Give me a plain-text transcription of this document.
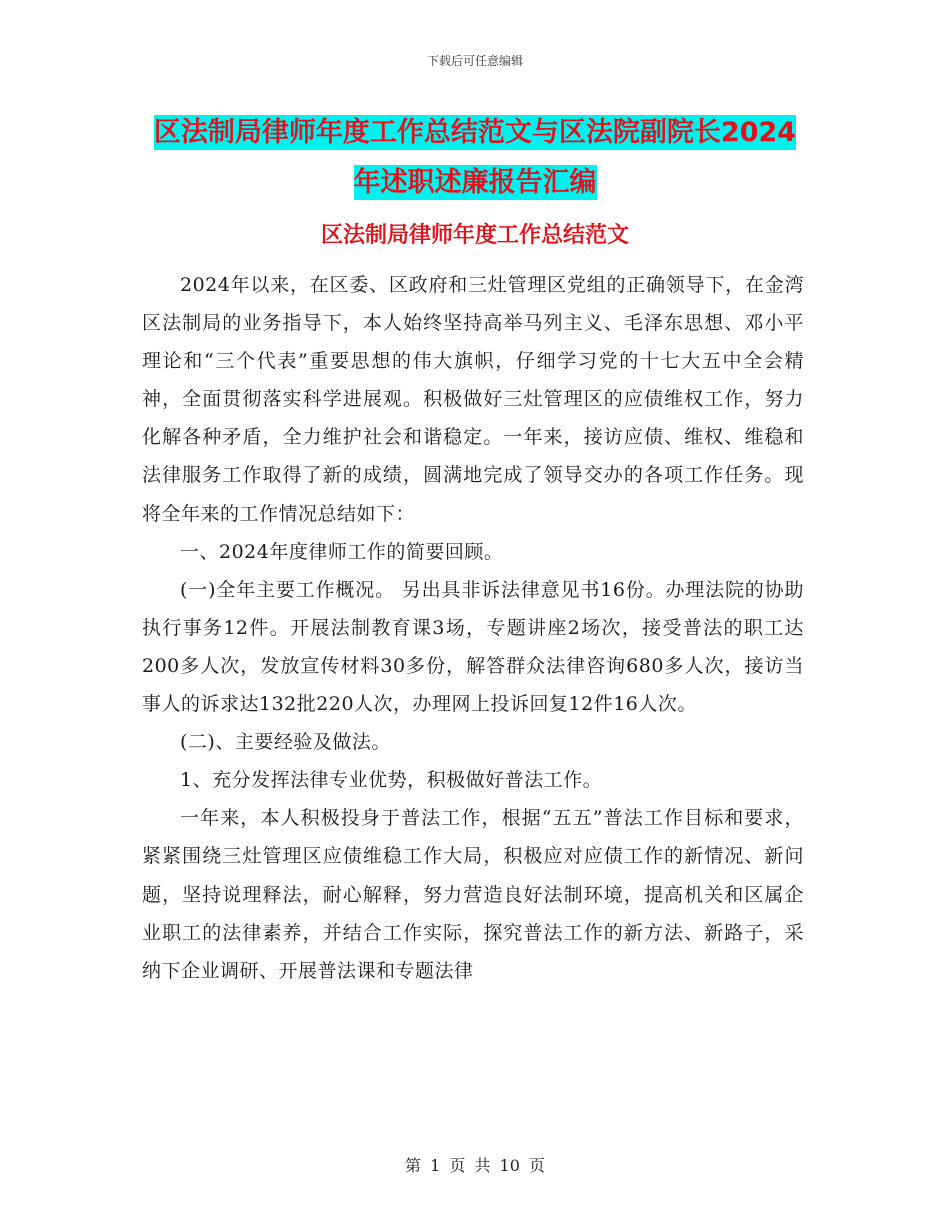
下载后可任意编辑
区法制局律师年度工作总结范文与区法院副院长2024
年述职述廉报告汇编
区法制局律师年度工作总结范文

2024年以来，在区委、区政府和三灶管理区党组的正确领导下，在金湾区法制局的业务指导下，本人始终坚持高举马列主义、毛泽东思想、邓小平理论和“三个代表”重要思想的伟大旗帜，仔细学习党的十七大五中全会精神，全面贯彻落实科学进展观。积极做好三灶管理区的应债维权工作，努力化解各种矛盾，全力维护社会和谐稳定。一年来，接访应债、维权、维稳和法律服务工作取得了新的成绩，圆满地完成了领导交办的各项工作任务。现将全年来的工作情况总结如下：

一、2024年度律师工作的简要回顾。

(一)全年主要工作概况。 另出具非诉法律意见书16份。办理法院的协助执行事务12件。开展法制教育课3场，专题讲座2场次，接受普法的职工达200多人次，发放宣传材料30多份，解答群众法律咨询680多人次，接访当事人的诉求达132批220人次，办理网上投诉回复12件16人次。

(二)、主要经验及做法。

1、充分发挥法律专业优势，积极做好普法工作。

一年来，本人积极投身于普法工作，根据“五五”普法工作目标和要求，紧紧围绕三灶管理区应债维稳工作大局，积极应对应债工作的新情况、新问题，坚持说理释法，耐心解释，努力营造良好法制环境，提高机关和区属企业职工的法律素养，并结合工作实际，探究普法工作的新方法、新路子，采纳下企业调研、开展普法课和专题法律

第 1 页 共 10 页
